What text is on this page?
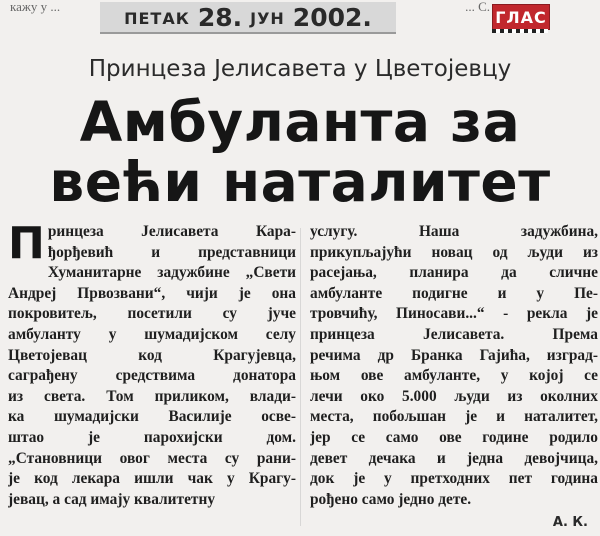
кажу у ...	... С.
ПЕТАК 28. ЈУН 2002.	ГЛАС
Принцеза Јелисавета у Цветојевцу
Амбуланта за
већи наталитет
П ринцеза Јелисавета Кара-
ђорђевић и представници
Хуманитарне задужбине „Свети
Андреј Првозвани“, чији је она
покровитељ, посетили су јуче
амбуланту у шумадијском селу
Цветојевац код Крагујевца,
саграђену средствима донатора
из света. Том приликом, влади-
ка шумадијски Василије осве-
штао је парохијски дом.
„Становници овог места су рани-
је код лекара ишли чак у Крагу-
јевац, а сад имају квалитетну
услугу. Наша задужбина,
прикупљајући новац од људи из
расејања, планира да сличне
амбуланте подигне и у Пе-
тровчићу, Пиносави...“ - рекла је
принцеза Јелисавета. Према
речима др Бранка Гајића, изград-
њом ове амбуланте, у којој се
лечи око 5.000 људи из околних
места, побољшан је и наталитет,
јер се само ове године родило
девет дечака и једна девојчица,
док је у претходних пет година
рођено само једно дете.
А. К.
